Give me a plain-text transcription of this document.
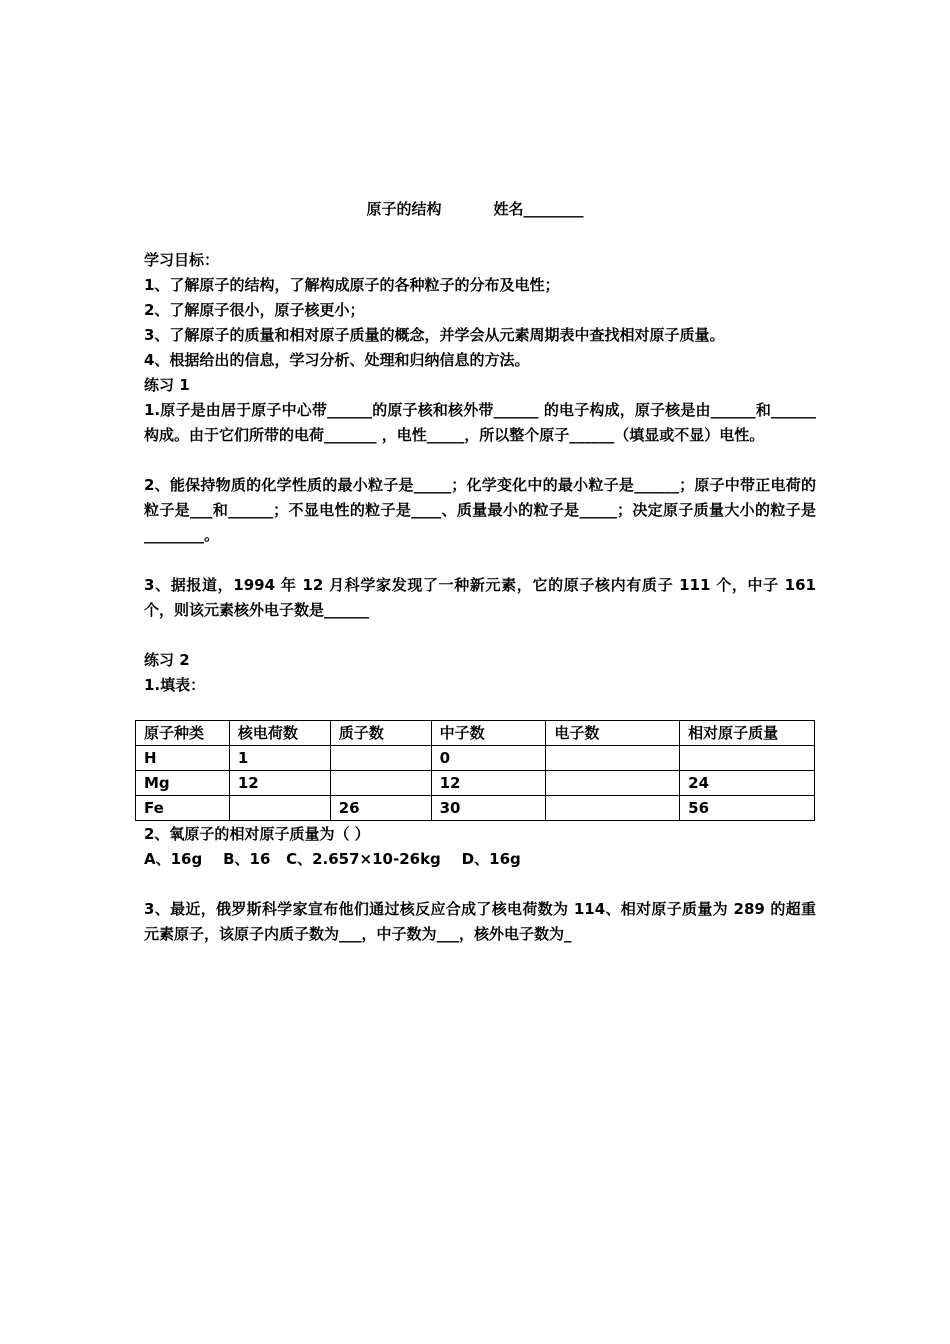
原子的结构	姓名________

学习目标：

1、了解原子的结构，了解构成原子的各种粒子的分布及电性；

2、了解原子很小，原子核更小；

3、了解原子的质量和相对原子质量的概念，并学会从元素周期表中查找相对原子质量。

4、根据给出的信息，学习分析、处理和归纳信息的方法。

练习 1

1.原子是由居于原子中心带______的原子核和核外带______ 的电子构成，原子核是由______和______构成。由于它们所带的电荷_______ ，电性_____，所以整个原子______（填显或不显）电性。

2、能保持物质的化学性质的最小粒子是_____；化学变化中的最小粒子是______；原子中带正电荷的粒子是___和______；不显电性的粒子是____、质量最小的粒子是_____；决定原子质量大小的粒子是________。

3、据报道，1994 年 12 月科学家发现了一种新元素，它的原子核内有质子 111 个，中子 161 个，则该元素核外电子数是______

练习 2

1.填表：

原子种类	核电荷数	质子数	中子数	电子数	相对原子质量
H	1		0		
Mg	12		12		24
Fe		26	30		56

2、氧原子的相对原子质量为（ ）

A、16g    B、16   C、2.657×10-26kg    D、16g

3、最近，俄罗斯科学家宣布他们通过核反应合成了核电荷数为 114、相对原子质量为 289 的超重元素原子，该原子内质子数为___，中子数为___，核外电子数为_
